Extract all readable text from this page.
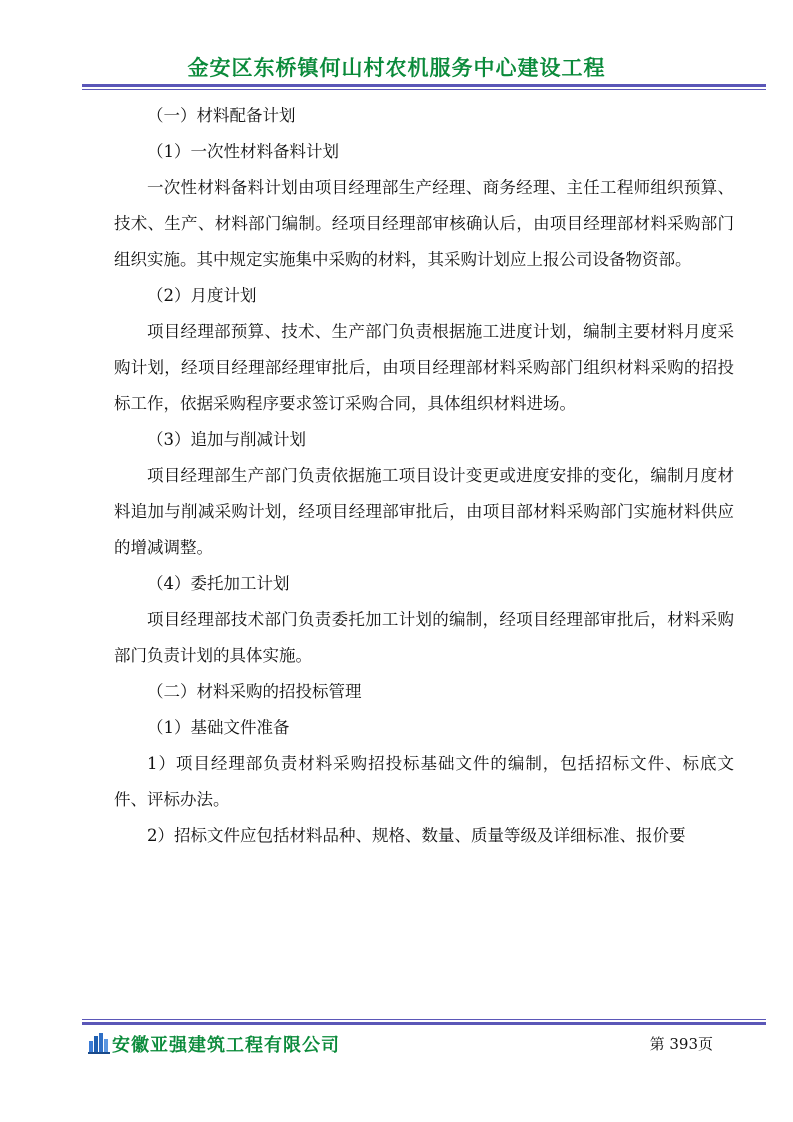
金安区东桥镇何山村农机服务中心建设工程

（一）材料配备计划

（1）一次性材料备料计划

一次性材料备料计划由项目经理部生产经理、商务经理、主任工程师组织预算、技术、生产、材料部门编制。经项目经理部审核确认后，由项目经理部材料采购部门组织实施。其中规定实施集中采购的材料，其采购计划应上报公司设备物资部。

（2）月度计划

项目经理部预算、技术、生产部门负责根据施工进度计划，编制主要材料月度采购计划，经项目经理部经理审批后，由项目经理部材料采购部门组织材料采购的招投标工作，依据采购程序要求签订采购合同，具体组织材料进场。

（3）追加与削减计划

项目经理部生产部门负责依据施工项目设计变更或进度安排的变化，编制月度材料追加与削减采购计划，经项目经理部审批后，由项目部材料采购部门实施材料供应的增减调整。

（4）委托加工计划

项目经理部技术部门负责委托加工计划的编制，经项目经理部审批后，材料采购部门负责计划的具体实施。

（二）材料采购的招投标管理

（1）基础文件准备

1）项目经理部负责材料采购招投标基础文件的编制，包括招标文件、标底文件、评标办法。

2）招标文件应包括材料品种、规格、数量、质量等级及详细标准、报价要

安徽亚强建筑工程有限公司	第 393页
